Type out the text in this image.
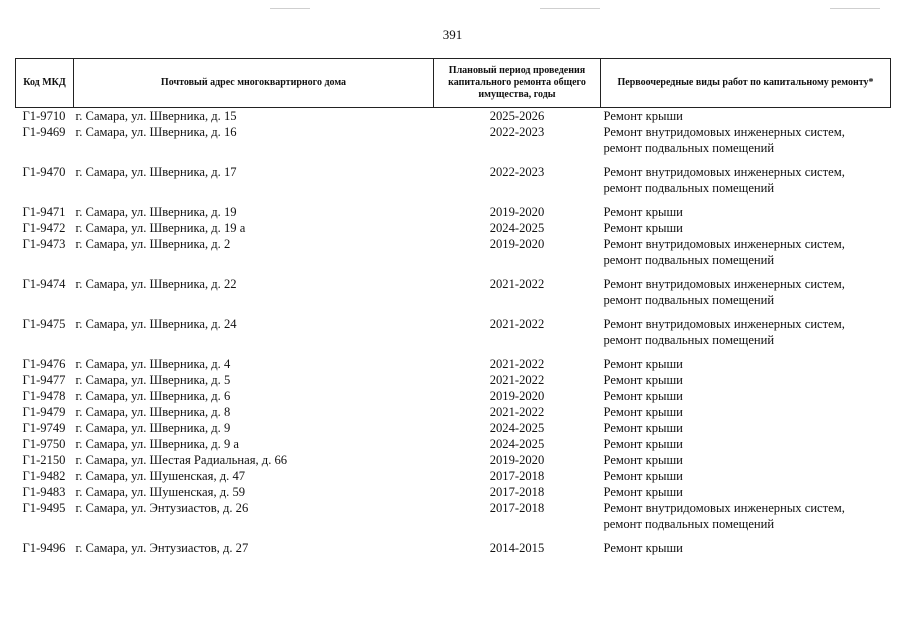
391
Код МКД	Почтовый адрес многоквартирного дома	Плановый период проведения капитального ремонта общего имущества, годы	Первоочередные виды работ по капитальному ремонту*
Г1-9710	г. Самара, ул. Шверника, д. 15	2025-2026	Ремонт крыши

Г1-9469	г. Самара, ул. Шверника, д. 16	2022-2023	Ремонт внутридомовых инженерных систем,
ремонт подвальных помещений

Г1-9470	г. Самара, ул. Шверника, д. 17	2022-2023	Ремонт внутридомовых инженерных систем,
ремонт подвальных помещений

Г1-9471	г. Самара, ул. Шверника, д. 19	2019-2020	Ремонт крыши

Г1-9472	г. Самара, ул. Шверника, д. 19 а	2024-2025	Ремонт крыши

Г1-9473	г. Самара, ул. Шверника, д. 2	2019-2020	Ремонт внутридомовых инженерных систем,
ремонт подвальных помещений

Г1-9474	г. Самара, ул. Шверника, д. 22	2021-2022	Ремонт внутридомовых инженерных систем,
ремонт подвальных помещений

Г1-9475	г. Самара, ул. Шверника, д. 24	2021-2022	Ремонт внутридомовых инженерных систем,
ремонт подвальных помещений

Г1-9476	г. Самара, ул. Шверника, д. 4	2021-2022	Ремонт крыши

Г1-9477	г. Самара, ул. Шверника, д. 5	2021-2022	Ремонт крыши

Г1-9478	г. Самара, ул. Шверника, д. 6	2019-2020	Ремонт крыши

Г1-9479	г. Самара, ул. Шверника, д. 8	2021-2022	Ремонт крыши

Г1-9749	г. Самара, ул. Шверника, д. 9	2024-2025	Ремонт крыши

Г1-9750	г. Самара, ул. Шверника, д. 9 а	2024-2025	Ремонт крыши

Г1-2150	г. Самара, ул. Шестая Радиальная, д. 66	2019-2020	Ремонт крыши

Г1-9482	г. Самара, ул. Шушенская, д. 47	2017-2018	Ремонт крыши

Г1-9483	г. Самара, ул. Шушенская, д. 59	2017-2018	Ремонт крыши

Г1-9495	г. Самара, ул. Энтузиастов, д. 26	2017-2018	Ремонт внутридомовых инженерных систем,
ремонт подвальных помещений

Г1-9496	г. Самара, ул. Энтузиастов, д. 27	2014-2015	Ремонт крыши
